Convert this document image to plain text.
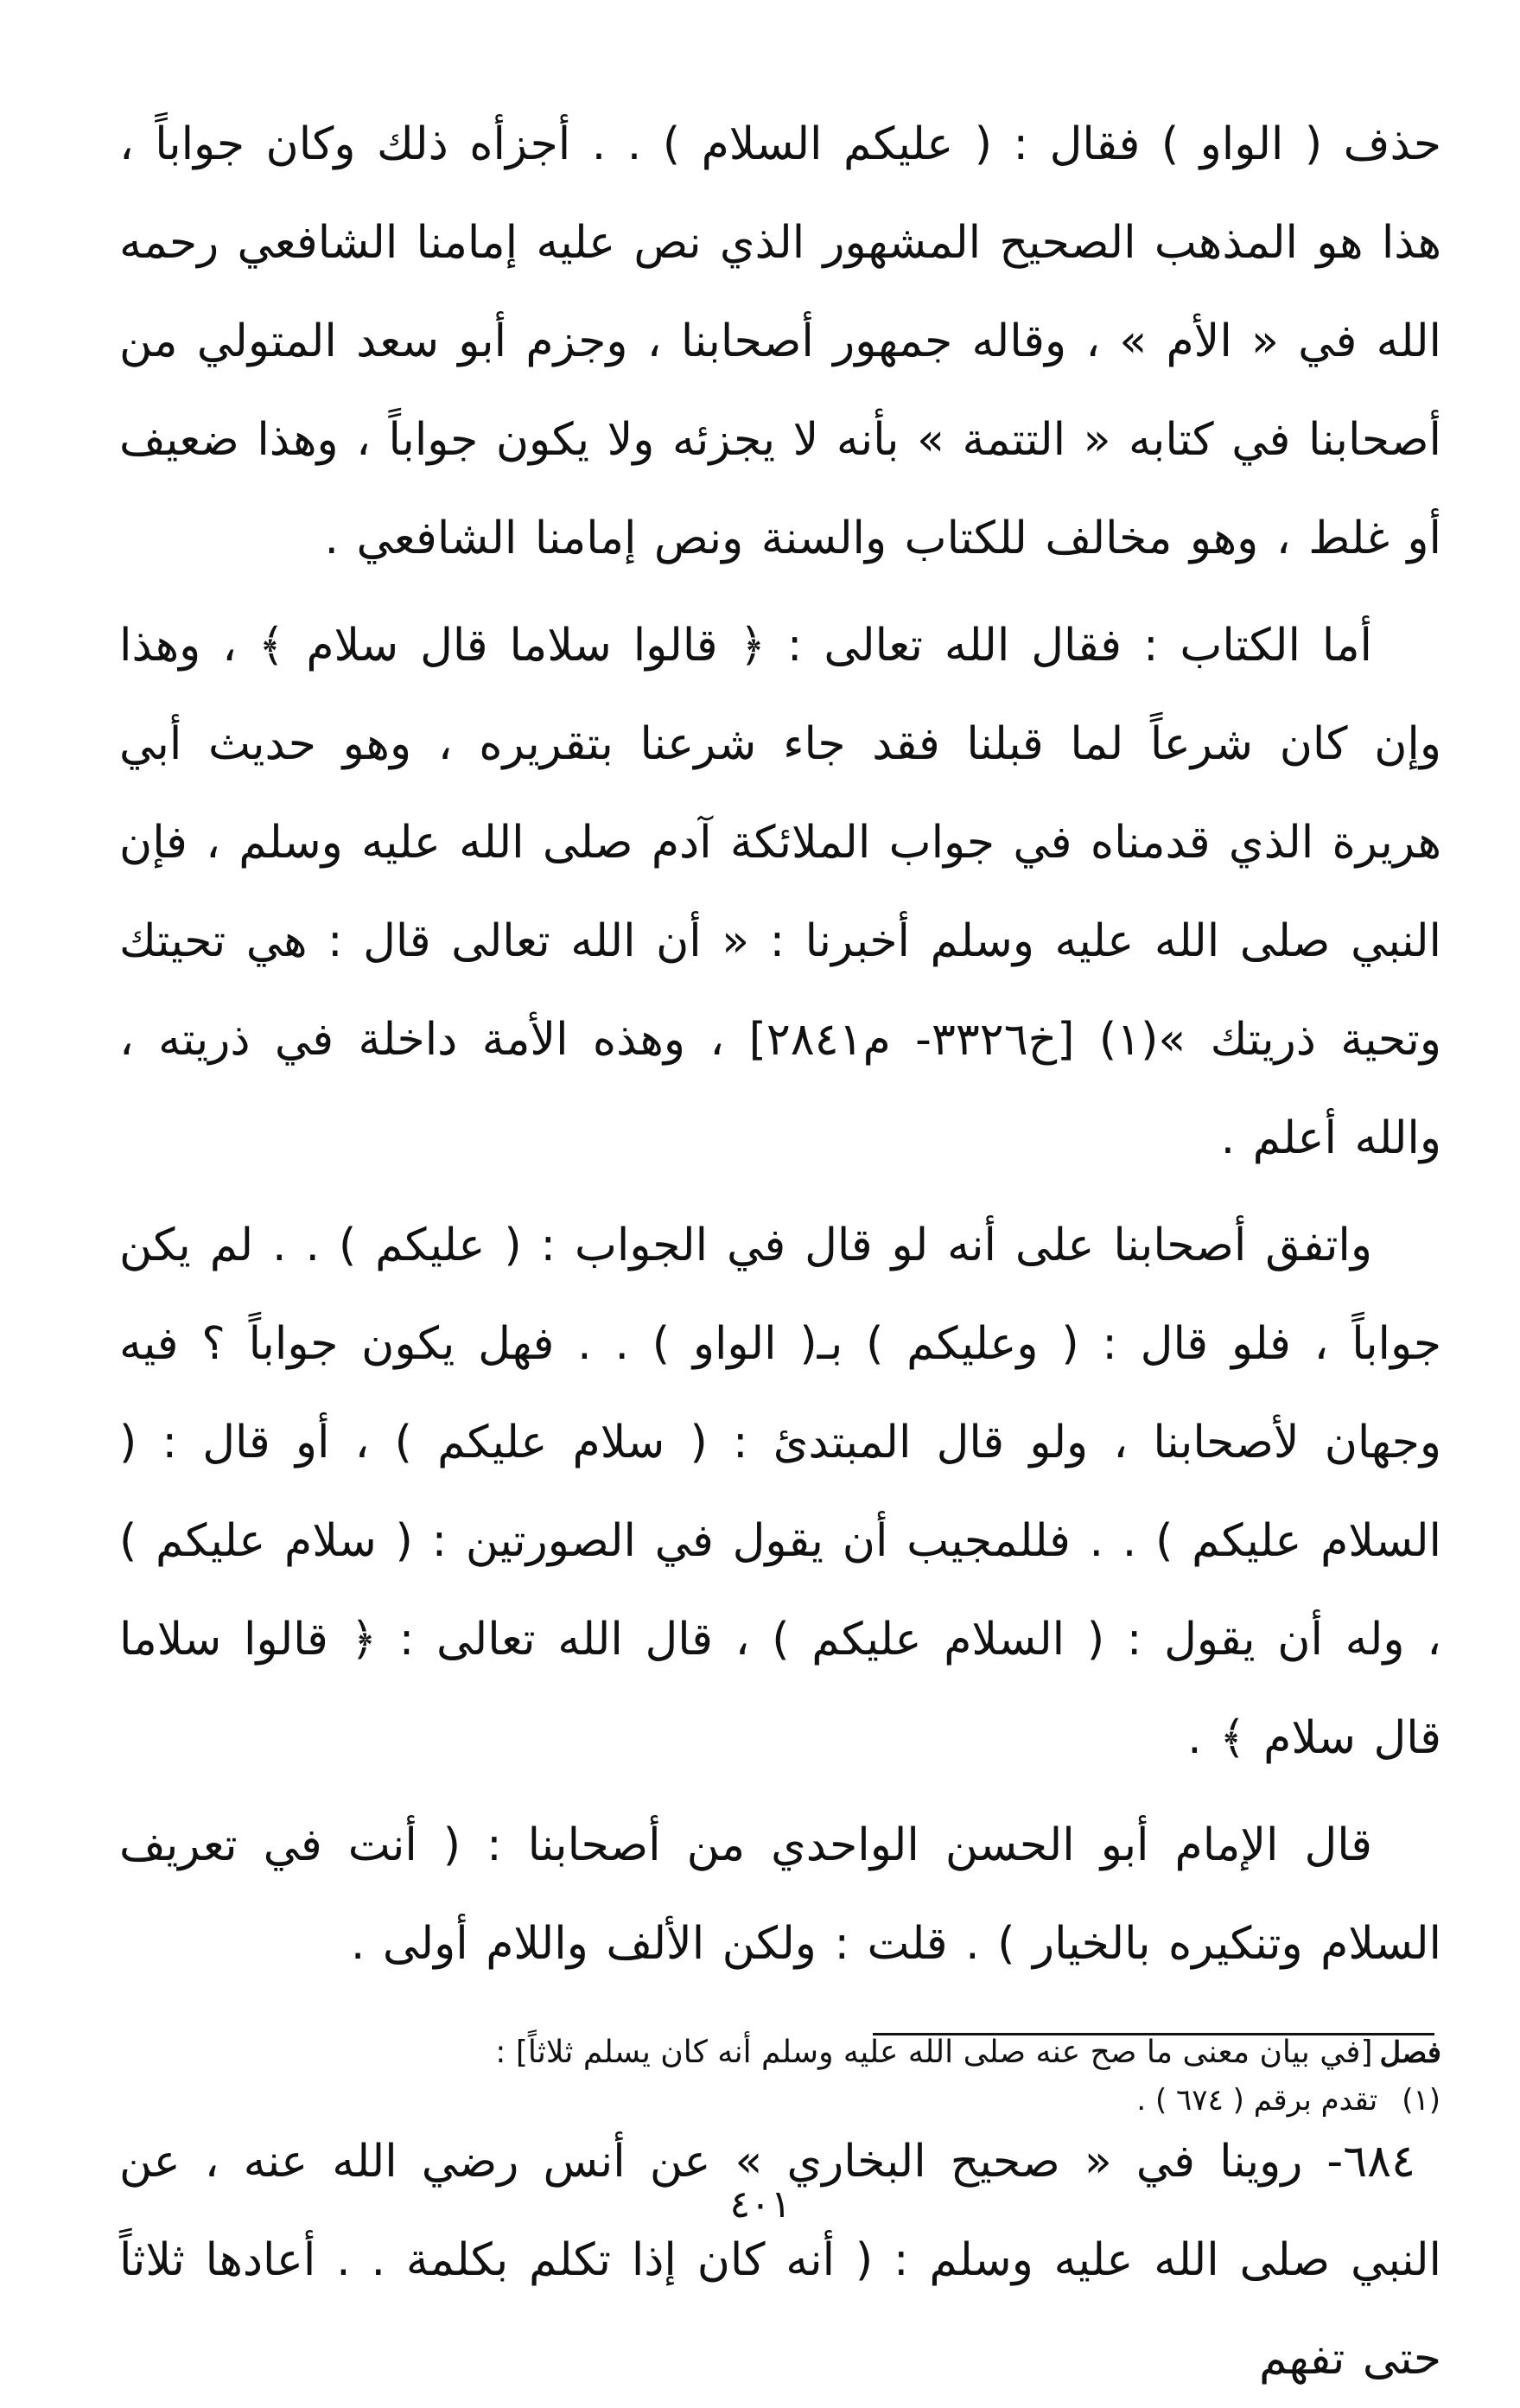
حذف ( الواو ) فقال : ( عليكم السلام ) . . أجزأه ذلك وكان جواباً ، هذا هو المذهب الصحيح المشهور الذي نص عليه إمامنا الشافعي رحمه الله في « الأم » ، وقاله جمهور أصحابنا ، وجزم أبو سعد المتولي من أصحابنا في كتابه « التتمة » بأنه لا يجزئه ولا يكون جواباً ، وهذا ضعيف أو غلط ، وهو مخالف للكتاب والسنة ونص إمامنا الشافعي .

أما الكتاب : فقال الله تعالى : ﴿ قالوا سلاما قال سلام ﴾ ، وهذا وإن كان شرعاً لما قبلنا فقد جاء شرعنا بتقريره ، وهو حديث أبي هريرة الذي قدمناه في جواب الملائكة آدم صلى الله عليه وسلم ، فإن النبي صلى الله عليه وسلم أخبرنا : « أن الله تعالى قال : هي تحيتك وتحية ذريتك »(١) [خ٣٣٢٦- م٢٨٤١] ، وهذه الأمة داخلة في ذريته ، والله أعلم .

واتفق أصحابنا على أنه لو قال في الجواب : ( عليكم ) . . لم يكن جواباً ، فلو قال : ( وعليكم ) بـ( الواو ) . . فهل يكون جواباً ؟ فيه وجهان لأصحابنا ، ولو قال المبتدئ : ( سلام عليكم ) ، أو قال : ( السلام عليكم ) . . فللمجيب أن يقول في الصورتين : ( سلام عليكم ) ، وله أن يقول : ( السلام عليكم ) ، قال الله تعالى : ﴿ قالوا سلاما قال سلام ﴾ .

قال الإمام أبو الحسن الواحدي من أصحابنا : ( أنت في تعريف السلام وتنكيره بالخيار ) . قلت : ولكن الألف واللام أولى .

فصل[في بيان معنى ما صح عنه صلى الله عليه وسلم أنه كان يسلم ثلاثاً] :

٦٨٤- روينا في « صحيح البخاري » عن أنس رضي الله عنه ، عن النبي صلى الله عليه وسلم : ( أنه كان إذا تكلم بكلمة . . أعادها ثلاثاً حتى تفهم

(١)تقدم برقم ( ٦٧٤ ) .
٤٠١
